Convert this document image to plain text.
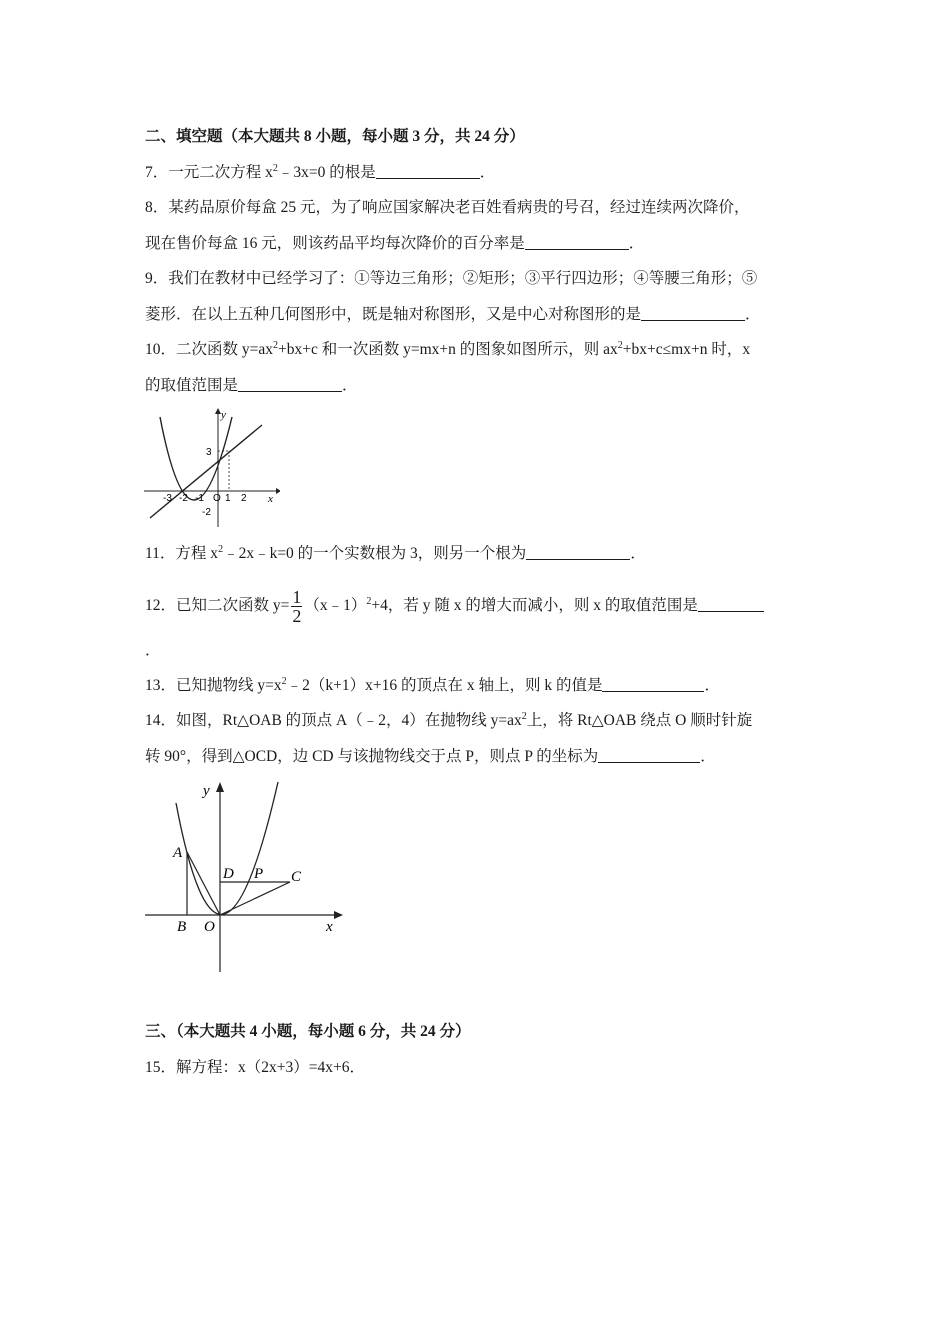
二、填空题（本大题共 8 小题，每小题 3 分，共 24 分）
7．一元二次方程 $x^2﹣3x=0$ 的根是	．
8．某药品原价每盒 25 元，为了响应国家解决老百姓看病贵的号召，经过连续两次降价，
现在售价每盒 16 元，则该药品平均每次降价的百分率是	．
9．我们在教材中已经学习了：①等边三角形；②矩形；③平行四边形；④等腰三角形；⑤
菱形．在以上五种几何图形中，既是轴对称图形，又是中心对称图形的是	．
10．二次函数 $y=ax^2+bx+c$ 和一次函数 y=mx+n 的图象如图所示，则 $ax^2+bx+c\le mx+n$ 时，x
的取值范围是	．
y
x
3
-2
-3 -2 -1 O 1 2
11．方程 $x^2﹣2x﹣k=0$ 的一个实数根为 3，则另一个根为	．
12．已知二次函数 $y= \frac{1}{2}$ （x﹣1）$^2$+4，若 y 随 x 的增大而减小，则 x 的取值范围是
．
13．已知抛物线 $y=x^2﹣2(k+1)x+16$ 的顶点在 x 轴上，则 k 的值是	．
14．如图，Rt△OAB 的顶点 A（﹣2，4）在抛物线 $y=ax^2$上，将 Rt△OAB 绕点 O 顺时针旋
转 90°，得到△OCD，边 CD 与该抛物线交于点 P，则点 P 的坐标为	．
y
x
A
B O
D P C
三、（本大题共 4 小题，每小题 6 分，共 24 分）
15．解方程：x（2x+3）=4x+6．
